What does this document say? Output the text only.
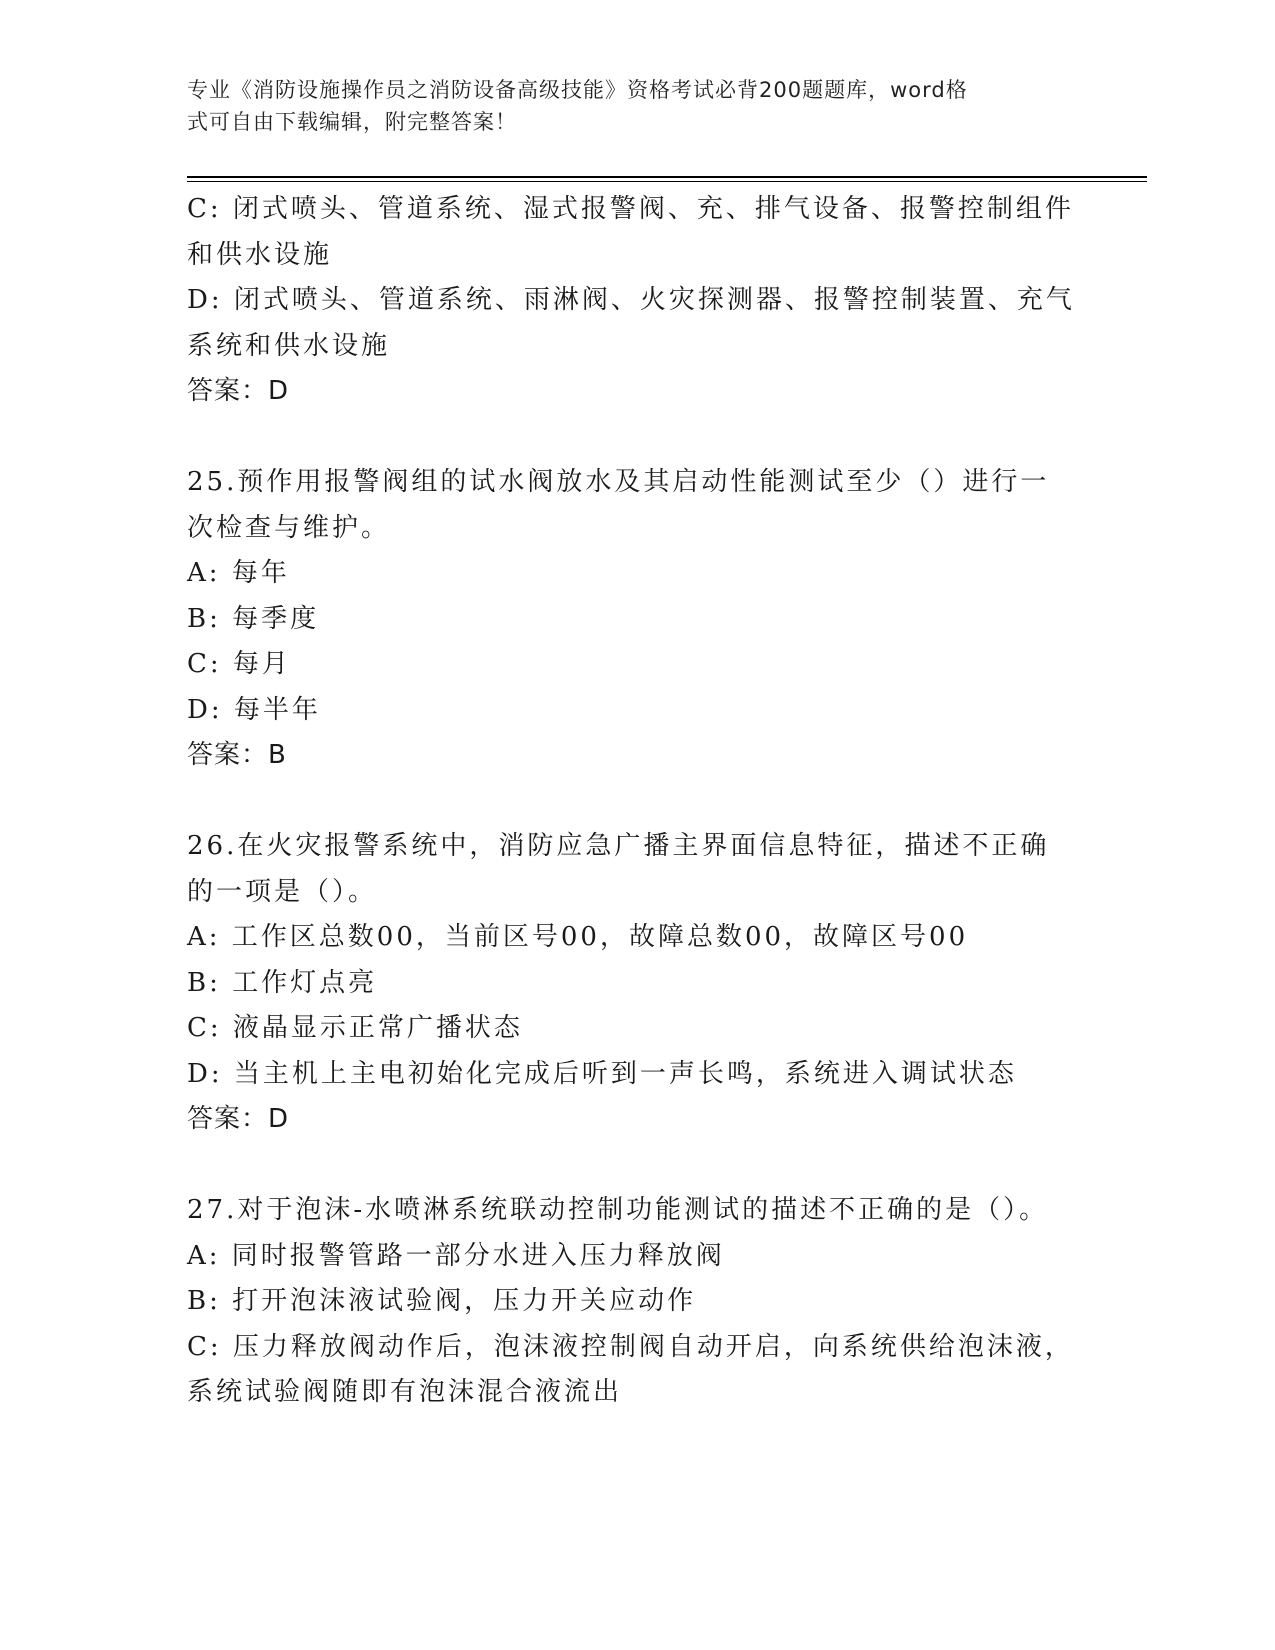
专业《消防设施操作员之消防设备高级技能》资格考试必背200题题库，word格
式可自由下载编辑，附完整答案！
C: 闭式喷头、管道系统、湿式报警阀、充、排气设备、报警控制组件和供水设施
D: 闭式喷头、管道系统、雨淋阀、火灾探测器、报警控制装置、充气系统和供水设施
答案：D
25.预作用报警阀组的试水阀放水及其启动性能测试至少（）进行一次检查与维护。
A: 每年
B: 每季度
C: 每月
D: 每半年
答案：B
26.在火灾报警系统中，消防应急广播主界面信息特征，描述不正确的一项是（）。
A: 工作区总数00，当前区号00，故障总数00，故障区号00
B: 工作灯点亮
C: 液晶显示正常广播状态
D: 当主机上主电初始化完成后听到一声长鸣，系统进入调试状态
答案：D
27.对于泡沫-水喷淋系统联动控制功能测试的描述不正确的是（）。
A: 同时报警管路一部分水进入压力释放阀
B: 打开泡沫液试验阀，压力开关应动作
C: 压力释放阀动作后，泡沫液控制阀自动开启，向系统供给泡沫液，系统试验阀随即有泡沫混合液流出
